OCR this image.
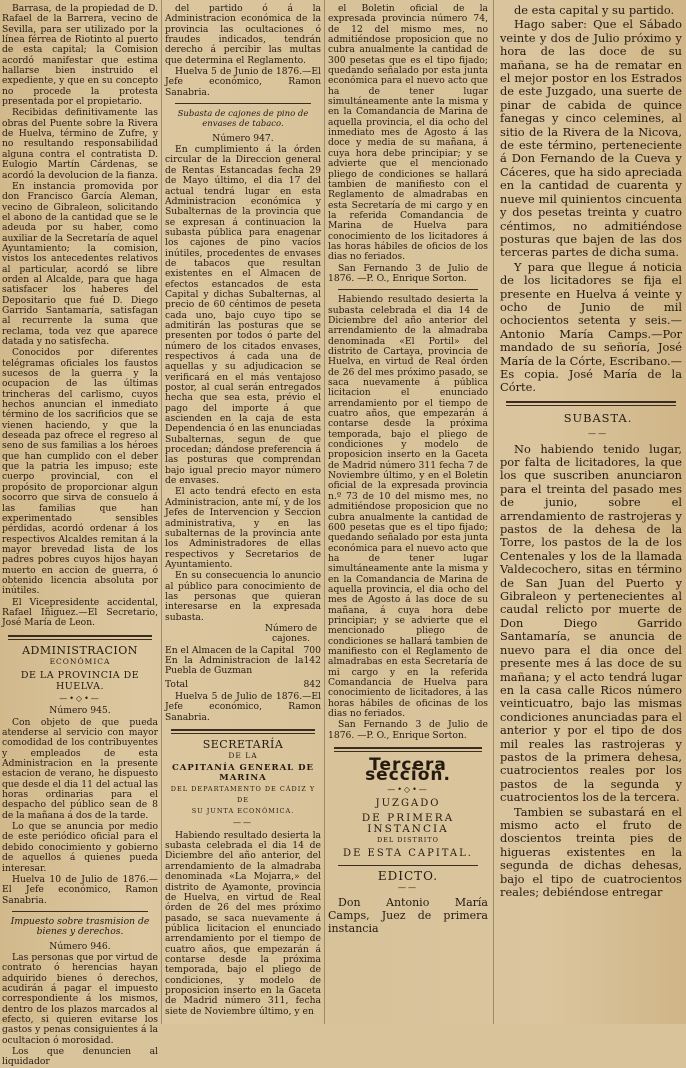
Barrasa, de la propiedad de D. Rafael de la Barrera, vecino de Sevilla, para ser utilizado por la línea férrea de Riotinto al puerto de esta capital; la Comision acordó manifestar que estima hallarse bien instruido el expediente, y que en su concepto no procede la protesta presentada por el propietario.

Recibidas definitivamente las obras del Puente sobre la Rivera de Huelva, término de Zufre, y no resultando responsabilidad alguna contra el contratista D. Eulogio Martín Cárdenas, se acordó la devolucion de la fianza.

En instancia promovida por don Francisco García Aleman, vecino de Gibraleon, solicitando el abono de la cantidad que se le adeuda por su haber, como auxiliar de la Secretaría de aquel Ayuntamiento; la comision, vistos los antecedentes relativos al particular, acordó se libre orden al Alcalde, para que haga satisfacer los haberes del Depositario que fué D. Diego Garrido Santamaría, satisfagan al recurrente la suma que reclama, toda vez que aparece datada y no satisfecha.

Conocidos por diferentes telégramas oficiales los faustos sucesos de la guerra y la ocupacion de las últimas trincheras del carlismo, cuyos hechos anuncian el inmediato término de los sacrificios que se vienen haciendo, y que la deseada paz ofrece el regreso al seno de sus familias a los héroes que han cumplido con el deber que la patria les impuso; este cuerpo provincial, con el propósito de proporcionar algun socorro que sirva de consuelo á las familias que han experimentado sensibles pérdidas, acordó ordenar á los respectivos Alcaldes remitan á la mayor brevedad lista de los padres pobres cuyos hijos hayan muerto en accion de guerra, ó obtenido licencia absoluta por inútiles.

El Vicepresidente accidental, Rafael Iñiguez.—El Secretario, José María de Leon.

ADMINISTRACION

ECONÓMICA

DE LA PROVINCIA DE HUELVA.

—•◇•—

Número 945.

Con objeto de que pueda atenderse al servicio con mayor comodidad de los contribuyentes y empleados de esta Administracion en la presente estacion de verano, he dispuesto que desde el dia 11 del actual las horas ordinarias para el despacho del público sean de 8 de la mañana á dos de la tarde.

Lo que se anuncia por medio de este periódico oficial para el debido conocimiento y gobierno de aquellos á quienes pueda interesar.

Huelva 10 de Julio de 1876.—El Jefe económico, Ramon Sanabria.

Impuesto sobre trasmision de bienes y derechos.

Número 946.

Las personas que por virtud de contrato ó herencias hayan adquirido bienes ó derechos, acudirán á pagar el impuesto correspondiente á los mismos, dentro de los plazos marcados al efecto, si quieren evitarse los gastos y penas consiguientes á la ocultacion ó morosidad.

Los que denuncien al liquidador

del partido ó á la Administracion económica de la provincia las ocultaciones ó fraudes indicados, tendrán derecho á percibir las multas que determina el Reglamento.

Huelva 5 de Junio de 1876.—El Jefe económico, Ramon Sanabria.

Subasta de cajones de pino de envases de tabaco.

Número 947.

En cumplimiento á la órden circular de la Direccion general de Rentas Estancadas fecha 29 de Mayo último, el dia 17 del actual tendrá lugar en esta Administracion económica y Subalternas de la provincia que se expresan á continuacion la subasta pública para enagenar los cajones de pino vacíos inútiles, procedentes de envases de tabacos que resultan existentes en el Almacen de efectos estancados de esta Capital y dichas Subalternas, al precio de 60 céntimos de peseta cada uno, bajo cuyo tipo se admitirán las posturas que se presenten por todos ó parte del número de los citados envases, respectivos á cada una de aquellas y su adjudicacion se verificará en el más ventajoso postor, al cual serán entregados hecha que sea esta, prévio el pago del importe á que ascienden en la caja de esta Dependencia ó en las enunciadas Subalternas, segun de que procedan; dándose preferencia á las posturas que comprendan bajo igual precio mayor número de envases.

El acto tendrá efecto en esta Administracion, ante mí, y de los Jefes de Intervencion y Seccion administrativa, y en las subalternas de la provincia ante los Administradores de ellas respectivos y Secretarios de Ayuntamiento.

En su consecuencia lo anuncio al público para conocimiento de las personas que quieran interesarse en la expresada subasta.

Número de cajones.

En el Almacen de la Capital 700
En la Administracion de la Puebla de Guzman
142
Total	842

Huelva 5 de Julio de 1876.—El Jefe económico, Ramon Sanabria.

SECRETARÍA

DE LA

CAPITANÍA GENERAL DE MARINA

DEL DEPARTAMENTO DE CÁDIZ Y DE

SU JUNTA ECONÓMICA.

——

Habiendo resultado desierta la subasta celebrada el dia 14 de Diciembre del año anterior, del arrendamiento de la almadraba denominada «La Mojarra,» del distrito de Ayamonte, provincia de Huelva, en virtud de Real órden de 26 del mes próximo pasado, se saca nuevamente á pública licitacion el enunciado arrendamiento por el tiempo de cuatro años, que empezarán á contarse desde la próxima temporada, bajo el pliego de condiciones, y modelo de proposicion inserto en la Gaceta de Madrid número 311, fecha siete de Noviembre último, y en

el Boletin oficial de la expresada provincia número 74, de 12 del mismo mes, no admitiéndose proposicion que no cubra anualmente la cantidad de 300 pesetas que es el tipo fijado; quedando señalado por esta junta económica para el nuevo acto que ha de tener lugar simultáneamente ante la misma y en la Comandancia de Marina de aquella provincia, el dia ocho del inmediato mes de Agosto á las doce y media de su mañana, á cuya hora debe principiar; y se advierte que el mencionado pliego de condiciones se hallará tambien de manifiesto con el Reglamento de almadrabas en esta Secretaría de mi cargo y en la referida Comandancia de Marina de Huelva para conocimiento de los licitadores á las horas hábiles de oficios de los dias no feriados.

San Fernando 3 de Julio de 1876. —P. O., Enrique Sorton.

Habiendo resultado desierta la subasta celebrada el dia 14 de Diciembre del año anterior del arrendamiento de la almadraba denominada «El Portil» del distrito de Cartaya, provincia de Huelva, en virtud de Real órden de 26 del mes próximo pasado, se saca nuevamente á pública licitacion el enunciado arrendamiento por el tiempo de cuatro años, que empezarán á contarse desde la próxima temporada, bajo el pliego de condiciones y modelo de proposicion inserto en la Gaceta de Madrid número 311 fecha 7 de Noviembre último, y en el Boletin oficial de la expresada provincia n.º 73 de 10 del mismo mes, no admitiéndose proposicion que no cubra anualmente la cantidad de 600 pesetas que es el tipo fijado; quedando señalado por esta junta económica para el nuevo acto que ha de tener lugar simultáneamente ante la misma y en la Comandancia de Marina de aquella provincia, el dia ocho del mes de Agosto á las doce de su mañana, á cuya hora debe principiar; y se advierte que el mencionado pliego de condiciones se hallará tambien de manifiesto con el Reglamento de almadrabas en esta Secretaría de mi cargo y en la referida Comandancia de Huelva para conocimiento de licitadores, á las horas hábiles de oficinas de los dias no feriados.

San Fernando 3 de Julio de 1876. —P. O., Enrique Sorton.

Tercera seccion.

—•◇•—

JUZGADO

DE PRIMERA INSTANCIA

DEL DISTRITO

DE ESTA CAPITAL.

EDICTO.

——

Don Antonio María Camps, Juez de primera instancia

de esta capital y su partido.

Hago saber: Que el Sábado veinte y dos de Julio próximo y hora de las doce de su mañana, se ha de rematar en el mejor postor en los Estrados de este Juzgado, una suerte de pinar de cabida de quince fanegas y cinco celemines, al sitio de la Rivera de la Nicova, de este término, perteneciente á Don Fernando de la Cueva y Cáceres, que ha sido apreciada en la cantidad de cuarenta y nueve mil quinientos cincuenta y dos pesetas treinta y cuatro céntimos, no admitiéndose posturas que bajen de las dos terceras partes de dicha suma.

Y para que llegue á noticia de los licitadores se fija el presente en Huelva á veinte y ocho de Junio de mil ochocientos setenta y seis.—Antonio María Camps.—Por mandado de su señoría, José María de la Córte, Escribano.—Es copia. José María de la Córte.

SUBASTA.

——

No habiendo tenido lugar, por falta de licitadores, la que los que suscriben anunciaron para el treinta del pasado mes de junio, sobre el arrendamiento de rastrojeras y pastos de la dehesa de la Torre, los pastos de la de los Centenales y los de la llamada Valdecochero, sitas en término de San Juan del Puerto y Gibraleon y pertenecientes al caudal relicto por muerte de Don Diego Garrido Santamaría, se anuncia de nuevo para el dia once del presente mes á las doce de su mañana; y el acto tendrá lugar en la casa calle Ricos número veinticuatro, bajo las mismas condiciones anunciadas para el anterior y por el tipo de dos mil reales las rastrojeras y pastos de la primera dehesa, cuatrocientos reales por los pastos de la segunda y cuatrocientos los de la tercera.

Tambien se subastará en el mismo acto el fruto de doscientos treinta pies de higueras existentes en la segunda de dichas dehesas, bajo el tipo de cuatrocientos reales; debiéndose entregar
